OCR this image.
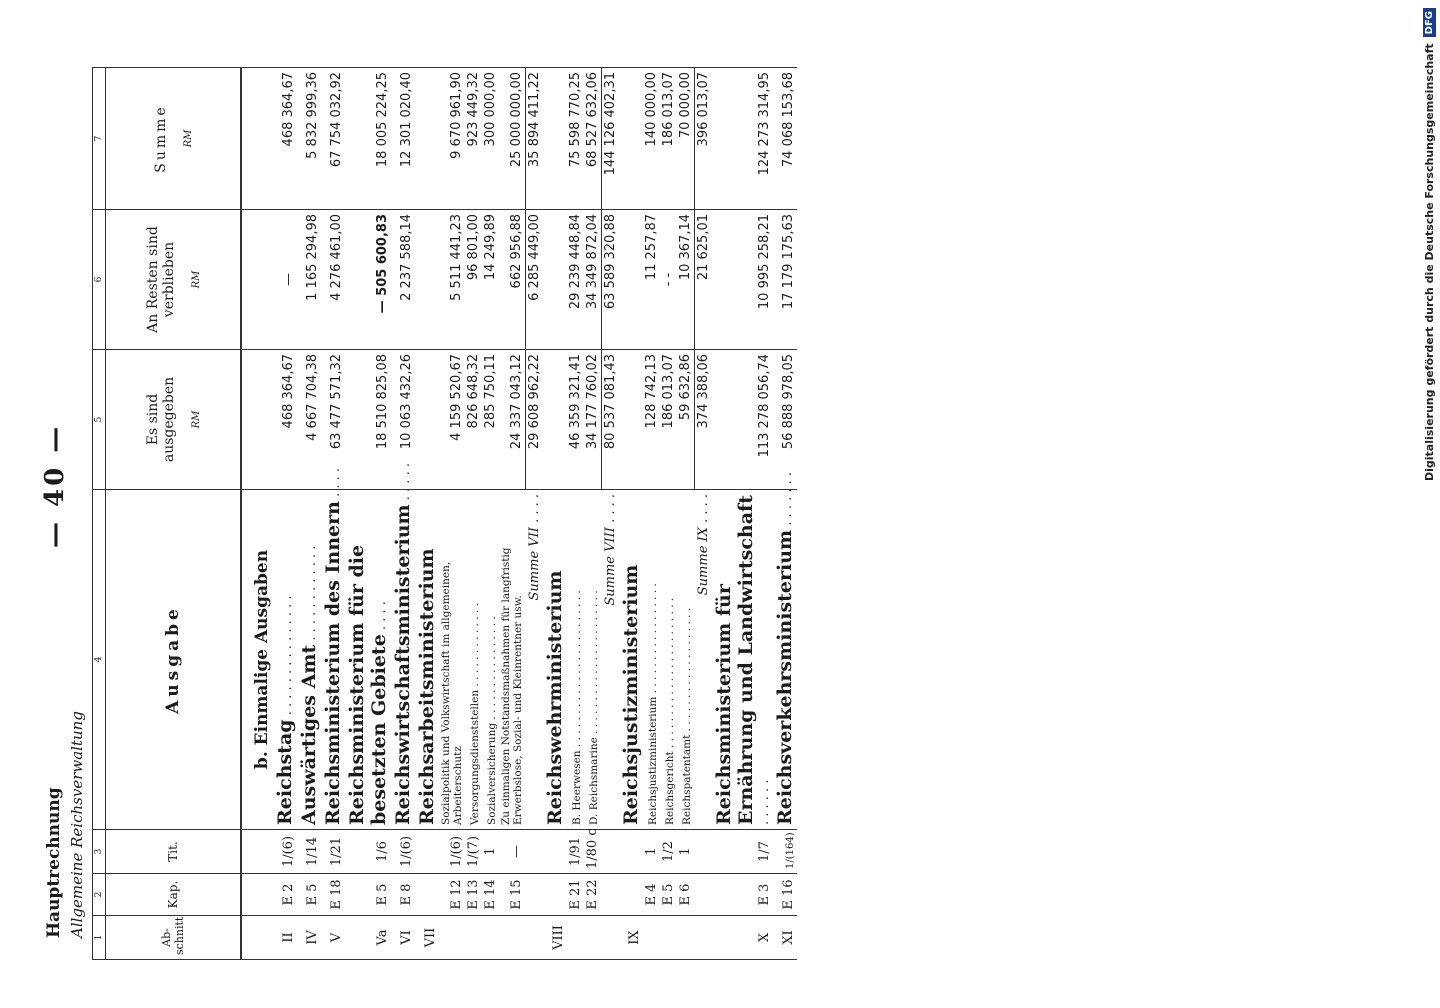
Hauptrechnung Allgemeine Reichsverwaltung
— 40 —
1	2	3	4	5	6	7
Ab-schnitt	Kap.	Tit.	Ausgabe	Es sind ausgegeben RM	An Resten sind verblieben RM	Summe RM

			b. Einmalige Ausgaben			
II	E 2	1/(6)	Reichstag . . . . . . . . . . . . . . .	468 364,67	—	468 364,67
IV	E 5	1/14	Auswärtiges Amt . . . . . . . . . . . .	4 667 704,38	1 165 294,98	5 832 999,36
V	E 18	1/21	Reichsministerium des Innern . . . .	63 477 571,32	4 276 461,00	67 754 032,92
Va	E 5	1/6	Reichsministerium für die besetzten Gebiete . . . .	18 510 825,08	— 505 600,83	18 005 224,25
VI	E 8	1/(6)	Reichswirtschaftsministerium . . . . .	10 063 432,26	2 237 588,14	12 301 020,40
VII			Reichsarbeitsministerium			
	E 12	1/(6)	Sozialpolitik und Volkswirtschaft im allgemeinen, Arbeiterschutz	4 159 520,67	5 511 441,23	9 670 961,90
	E 13	1/(7)	Versorgungsdienststellen . . . . . . . . . . . . .	826 648,32	96 801,00	923 449,32
	E 14	1	Sozialversicherung . . . . . . . . . . . . . . . .	285 750,11	14 249,89	300 000,00
	E 15	—	Zu einmaligen Notstandsmaßnahmen für langfristig Erwerbslose, Sozial- und Kleinrentner usw.	24 337 043,12	662 956,88	25 000 000,00
			Summe VII . . . .	29 608 962,22	6 285 449,00	35 894 411,22
VIII			Reichswehrministerium			
	E 21	1/91	B. Heerwesen . . . . . . . . . . . . . . . . . . . . . . . .	46 359 321,41	29 239 448,84	75 598 770,25
	E 22	1/80 c	D. Reichsmarine . . . . . . . . . . . . . . . . . . . . . .	34 177 760,02	34 349 872,04	68 527 632,06
			Summe VIII . . . .	80 537 081,43	63 589 320,88	144 126 402,31
IX			Reichsjustizministerium			
	E 4	1	Reichsjustizministerium . . . . . . . . . . . . . . . . .	128 742,13	11 257,87	140 000,00
	E 5	1/2	Reichsgericht . . . . . . . . . . . . . . . . . . . . . . .	186 013,07	- -	186 013,07
	E 6	1	Reichspatentamt . . . . . . . . . . . . . . . . . . .	59 632,86	10 367,14	70 000,00
			Summe IX . . . .	374 388,06	21 625,01	396 013,07
X	E 3	1/7	Reichsministerium für Ernährung und Landwirtschaft . . . . . .	113 278 056,74	10 995 258,21	124 273 314,95
XI	E 16	1/(164)	Reichsverkehrsministerium . . . . . . .	56 888 978,05	17 179 175,63	74 068 153,68	Digitalisierung gefördert durch die Deutsche Forschungsgemeinschaft
DFG
